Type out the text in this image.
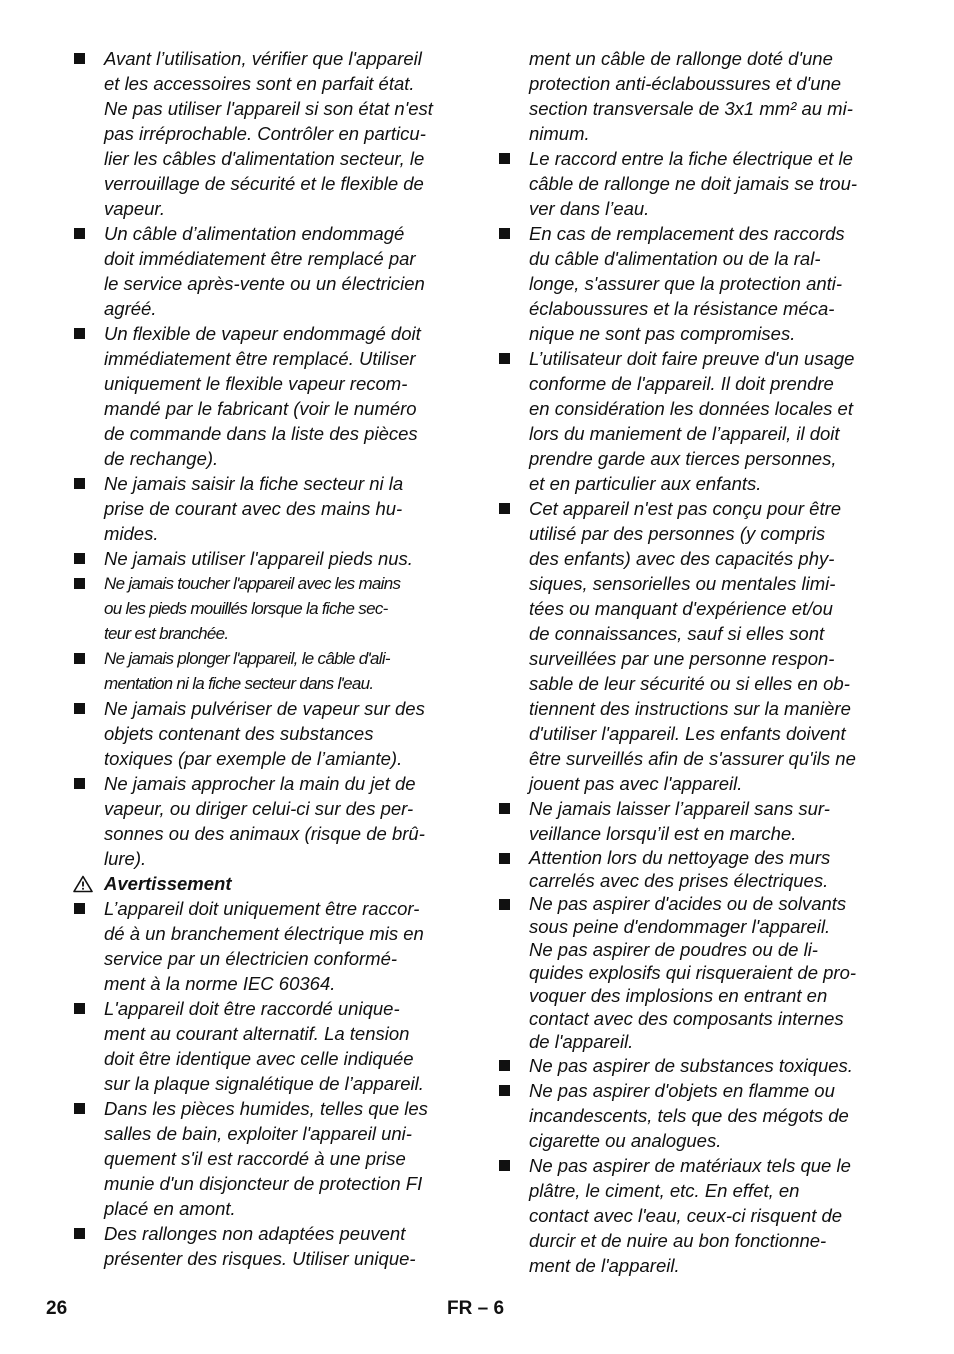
Avant l’utilisation, vérifier que l'appareil
et les accessoires sont en parfait état.
Ne pas utiliser l'appareil si son état n'est
pas irréprochable. Contrôler en particu-
lier les câbles d'alimentation secteur, le
verrouillage de sécurité et le flexible de
vapeur.
Un câble d’alimentation endommagé
doit immédiatement être remplacé par
le service après-vente ou un électricien
agréé.
Un flexible de vapeur endommagé doit
immédiatement être remplacé. Utiliser
uniquement le flexible vapeur recom-
mandé par le fabricant (voir le numéro
de commande dans la liste des pièces
de rechange).
Ne jamais saisir la fiche secteur ni la
prise de courant avec des mains hu-
mides.
Ne jamais utiliser l'appareil pieds nus.
Ne jamais toucher l'appareil avec les mains
ou les pieds mouillés lorsque la fiche sec-
teur est branchée.
Ne jamais plonger l'appareil, le câble d'ali-
mentation ni la fiche secteur dans l'eau.
Ne jamais pulvériser de vapeur sur des
objets contenant des substances
toxiques (par exemple de l’amiante).
Ne jamais approcher la main du jet de
vapeur, ou diriger celui-ci sur des per-
sonnes ou des animaux (risque de brû-
lure).
Avertissement
L’appareil doit uniquement être raccor-
dé à un branchement électrique mis en
service par un électricien conformé-
ment à la norme IEC 60364.
L'appareil doit être raccordé unique-
ment au courant alternatif. La tension
doit être identique avec celle indiquée
sur la plaque signalétique de l’appareil.
Dans les pièces humides, telles que les
salles de bain, exploiter l'appareil uni-
quement s'il est raccordé à une prise
munie d'un disjoncteur de protection FI
placé en amont.
Des rallonges non adaptées peuvent
présenter des risques. Utiliser unique-
ment un câble de rallonge doté d'une
protection anti-éclaboussures et d'une
section transversale de 3x1 mm² au mi-
nimum.
Le raccord entre la fiche électrique et le
câble de rallonge ne doit jamais se trou-
ver dans l’eau.
En cas de remplacement des raccords
du câble d'alimentation ou de la ral-
longe, s'assurer que la protection anti-
éclaboussures et la résistance méca-
nique ne sont pas compromises.
L’utilisateur doit faire preuve d'un usage
conforme de l'appareil. Il doit prendre
en considération les données locales et
lors du maniement de l’appareil, il doit
prendre garde aux tierces personnes,
et en particulier aux enfants.
Cet appareil n'est pas conçu pour être
utilisé par des personnes (y compris
des enfants) avec des capacités phy-
siques, sensorielles ou mentales limi-
tées ou manquant d'expérience et/ou
de connaissances, sauf si elles sont
surveillées par une personne respon-
sable de leur sécurité ou si elles en ob-
tiennent des instructions sur la manière
d'utiliser l'appareil. Les enfants doivent
être surveillés afin de s'assurer qu'ils ne
jouent pas avec l'appareil.
Ne jamais laisser l’appareil sans sur-
veillance lorsqu’il est en marche.
Attention lors du nettoyage des murs
carrelés avec des prises électriques.
Ne pas aspirer d'acides ou de solvants
sous peine d'endommager l'appareil.
Ne pas aspirer de poudres ou de li-
quides explosifs qui risqueraient de pro-
voquer des implosions en entrant en
contact avec des composants internes
de l'appareil.
Ne pas aspirer de substances toxiques.
Ne pas aspirer d'objets en flamme ou
incandescents, tels que des mégots de
cigarette ou analogues.
Ne pas aspirer de matériaux tels que le
plâtre, le ciment, etc. En effet, en
contact avec l'eau, ceux-ci risquent de
durcir et de nuire au bon fonctionne-
ment de l'appareil.
26	FR – 6
